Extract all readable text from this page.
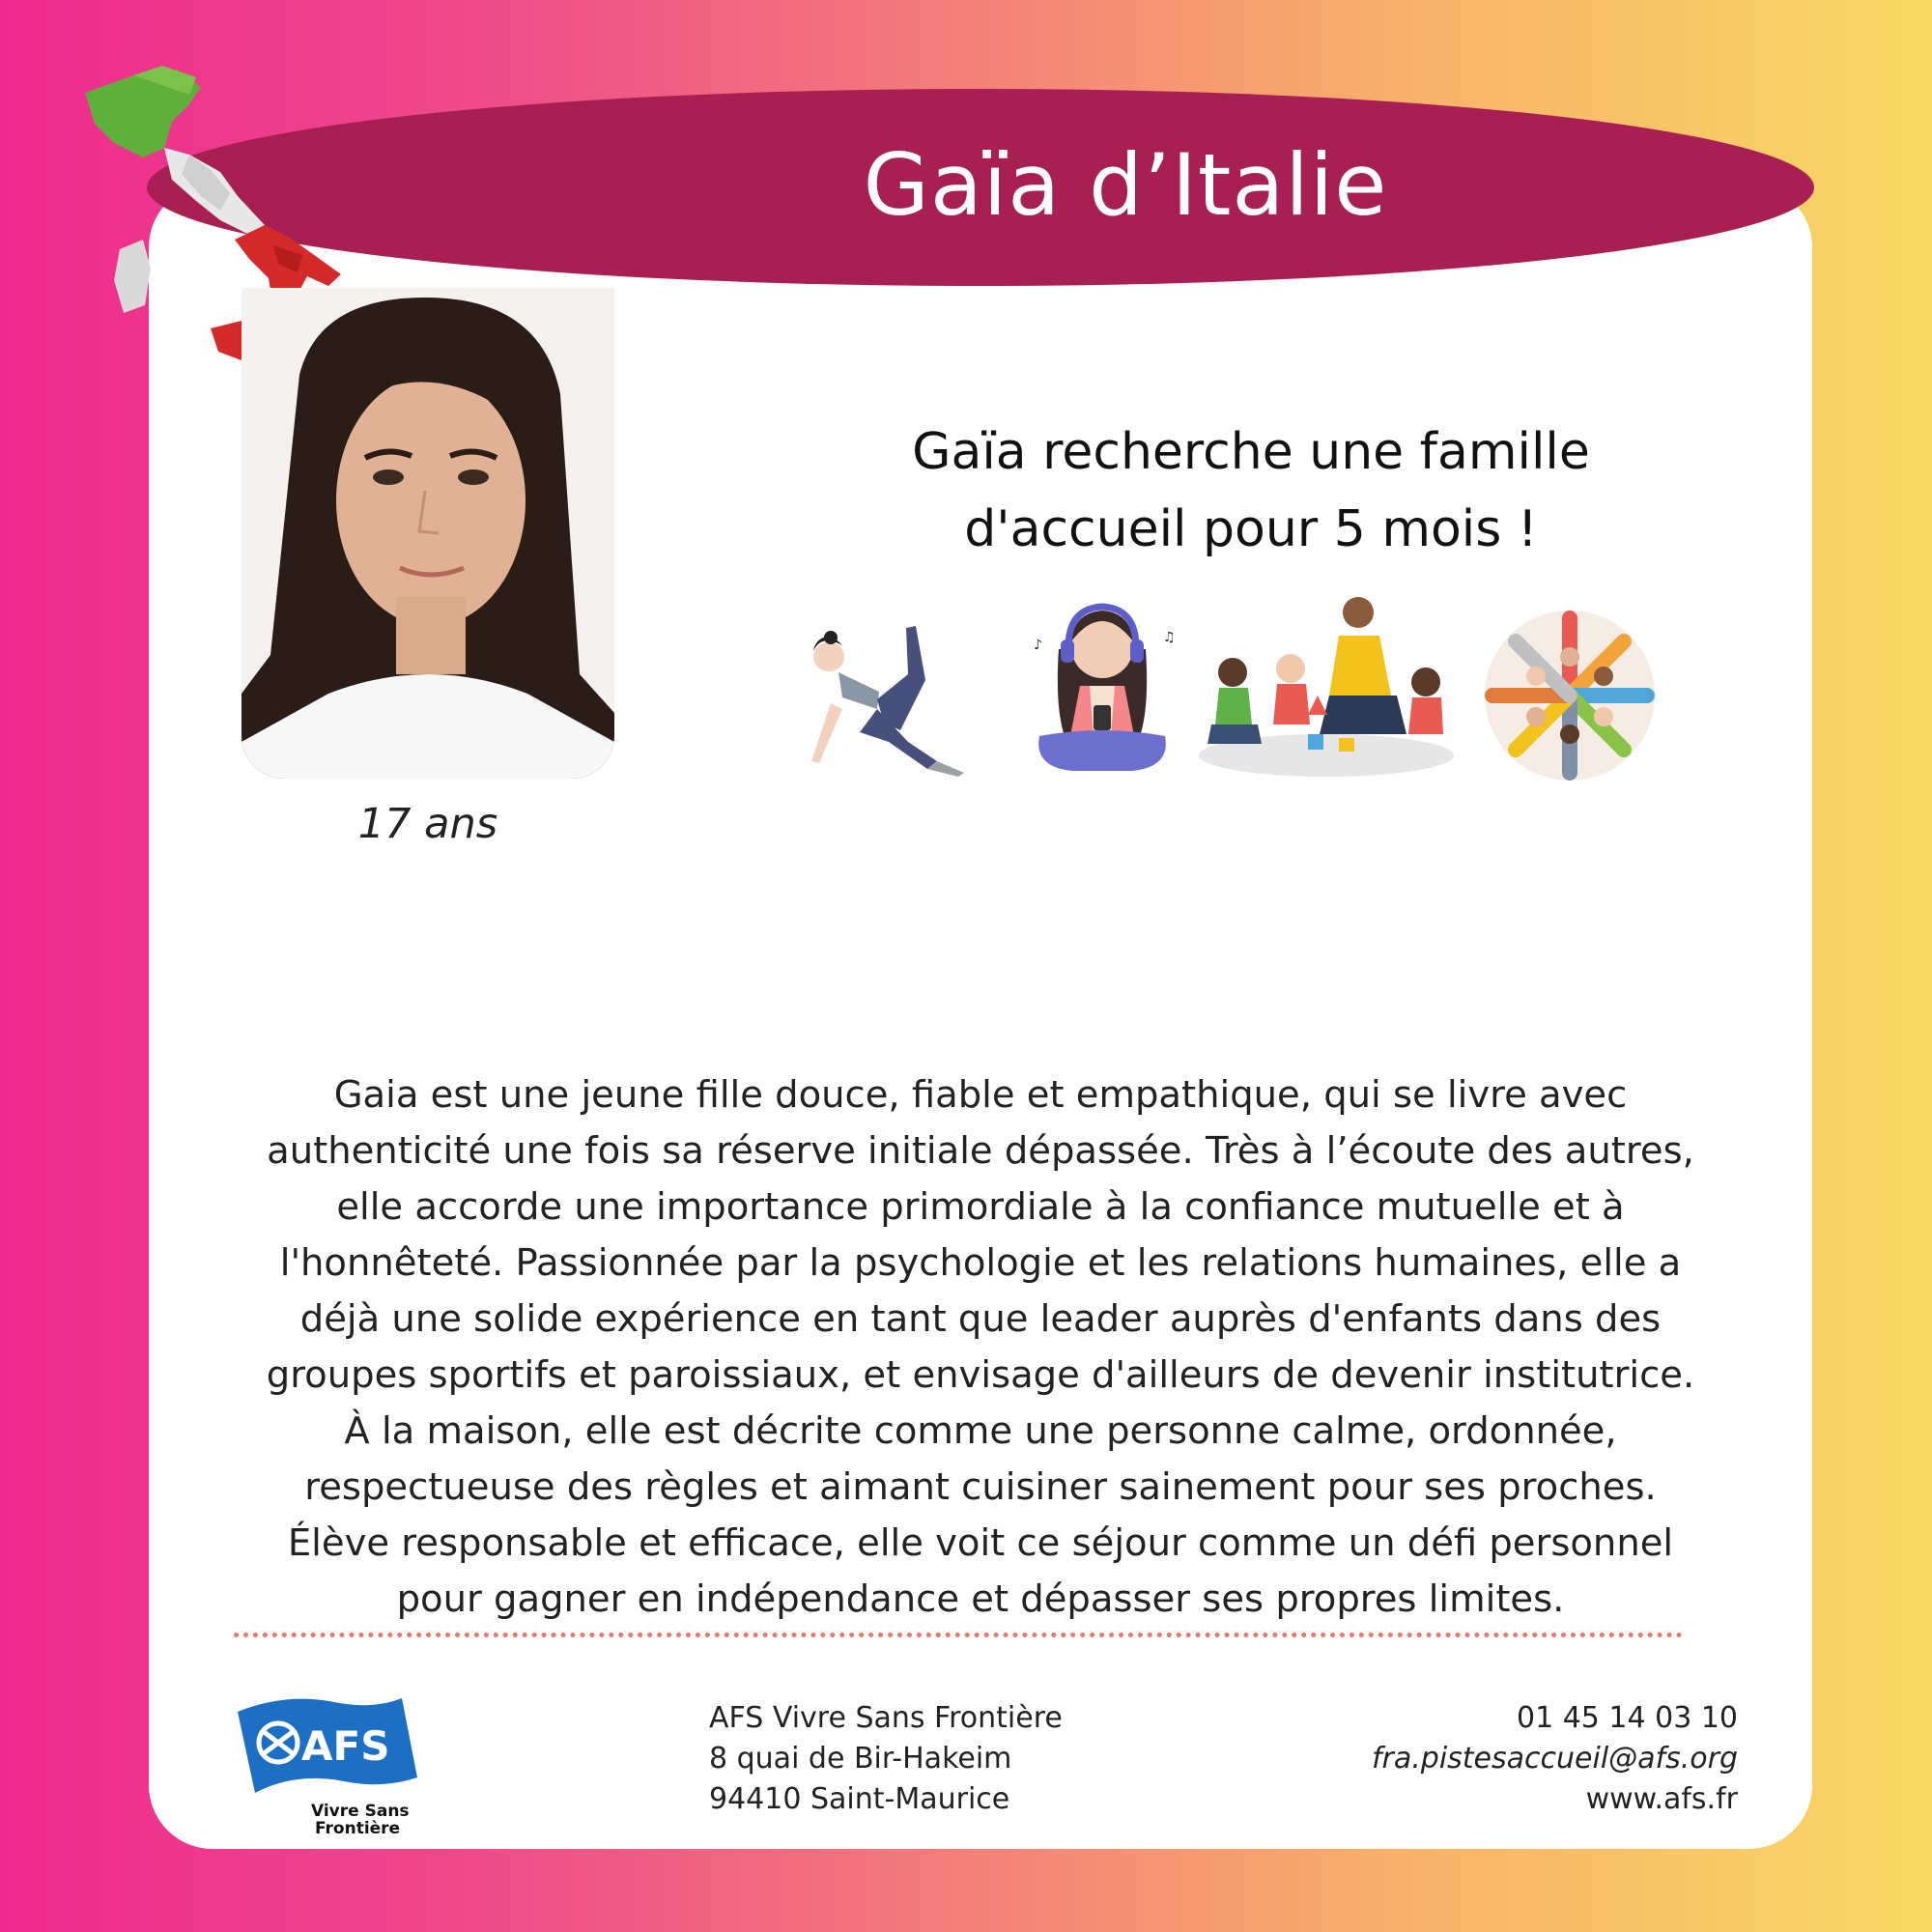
Gaïa d’Italie
17 ans
Gaïa recherche une famille
d'accueil pour 5 mois !
♪	♫
Gaia est une jeune fille douce, fiable et empathique, qui se livre avec
authenticité une fois sa réserve initiale dépassée. Très à l’écoute des autres,
elle accorde une importance primordiale à la confiance mutuelle et à
l'honnêteté. Passionnée par la psychologie et les relations humaines, elle a
déjà une solide expérience en tant que leader auprès d'enfants dans des
groupes sportifs et paroissiaux, et envisage d'ailleurs de devenir institutrice.
À la maison, elle est décrite comme une personne calme, ordonnée,
respectueuse des règles et aimant cuisiner sainement pour ses proches.
Élève responsable et efficace, elle voit ce séjour comme un défi personnel
pour gagner en indépendance et dépasser ses propres limites.
AFS
Vivre Sans
Frontière
AFS Vivre Sans Frontière
8 quai de Bir-Hakeim
94410 Saint-Maurice
01 45 14 03 10
fra.pistesaccueil@afs.org
www.afs.fr
